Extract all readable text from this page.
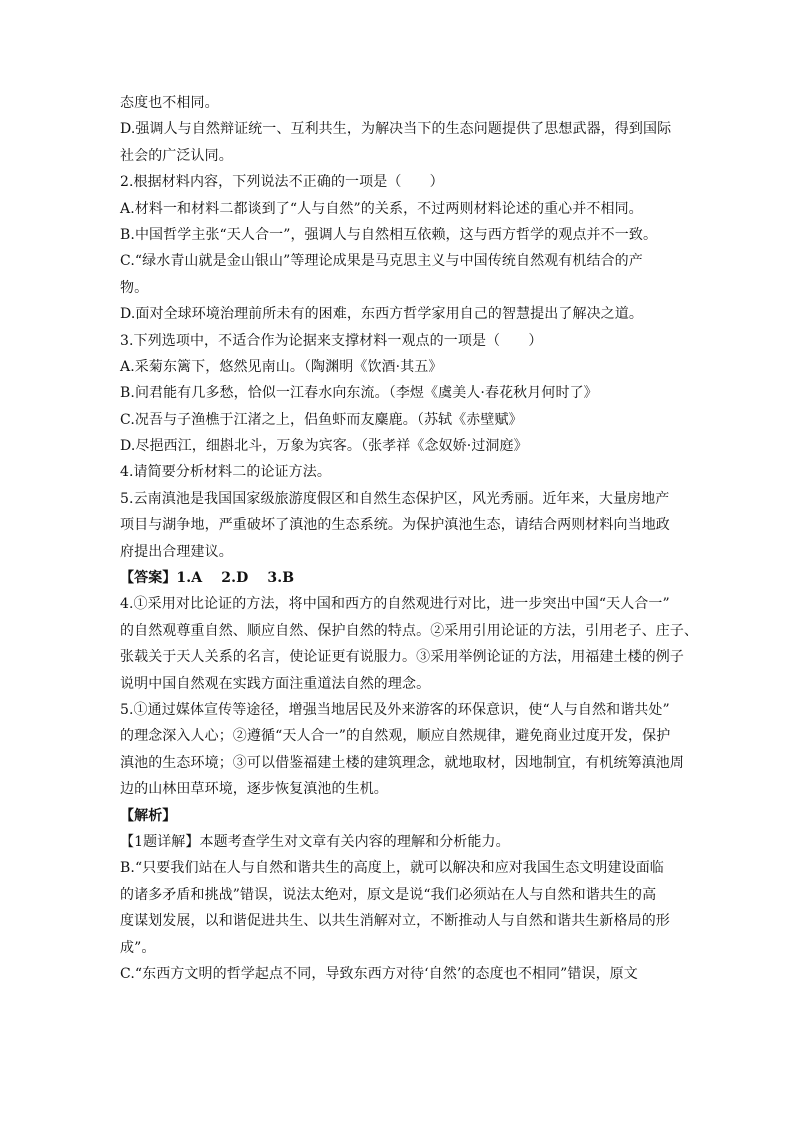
态度也不相同。
D.强调人与自然辩证统一、互利共生，为解决当下的生态问题提供了思想武器，得到国际
社会的广泛认同。
2.根据材料内容，下列说法不正确的一项是（　　）
A.材料一和材料二都谈到了“人与自然”的关系，不过两则材料论述的重心并不相同。
B.中国哲学主张“天人合一”，强调人与自然相互依赖，这与西方哲学的观点并不一致。
C.“绿水青山就是金山银山”等理论成果是马克思主义与中国传统自然观有机结合的产
物。
D.面对全球环境治理前所未有的困难，东西方哲学家用自己的智慧提出了解决之道。
3.下列选项中，不适合作为论据来支撑材料一观点的一项是（　　）
A.采菊东篱下，悠然见南山。（陶渊明《饮酒·其五》
B.问君能有几多愁，恰似一江春水向东流。（李煜《虞美人·春花秋月何时了》
C.况吾与子渔樵于江渚之上，侣鱼虾而友麋鹿。（苏轼《赤壁赋》
D.尽挹西江，细斟北斗，万象为宾客。（张孝祥《念奴娇·过洞庭》
4.请简要分析材料二的论证方法。
5.云南滇池是我国国家级旅游度假区和自然生态保护区，风光秀丽。近年来，大量房地产
项目与湖争地，严重破坏了滇池的生态系统。为保护滇池生态，请结合两则材料向当地政
府提出合理建议。
【答案】1.A　 2.D　 3.B
4.①采用对比论证的方法，将中国和西方的自然观进行对比，进一步突出中国“天人合一”
的自然观尊重自然、顺应自然、保护自然的特点。②采用引用论证的方法，引用老子、庄子、
张载关于天人关系的名言，使论证更有说服力。③采用举例论证的方法，用福建土楼的例子
说明中国自然观在实践方面注重道法自然的理念。
5.①通过媒体宣传等途径，增强当地居民及外来游客的环保意识，使“人与自然和谐共处”
的理念深入人心；②遵循“天人合一”的自然观，顺应自然规律，避免商业过度开发，保护
滇池的生态环境；③可以借鉴福建土楼的建筑理念，就地取材，因地制宜，有机统筹滇池周
边的山林田草环境，逐步恢复滇池的生机。
【解析】
【1题详解】本题考查学生对文章有关内容的理解和分析能力。
B.“只要我们站在人与自然和谐共生的高度上，就可以解决和应对我国生态文明建设面临
的诸多矛盾和挑战”错误，说法太绝对，原文是说“我们必须站在人与自然和谐共生的高
度谋划发展，以和谐促进共生、以共生消解对立，不断推动人与自然和谐共生新格局的形
成”。
C.“东西方文明的哲学起点不同，导致东西方对待‘自然’的态度也不相同”错误，原文
